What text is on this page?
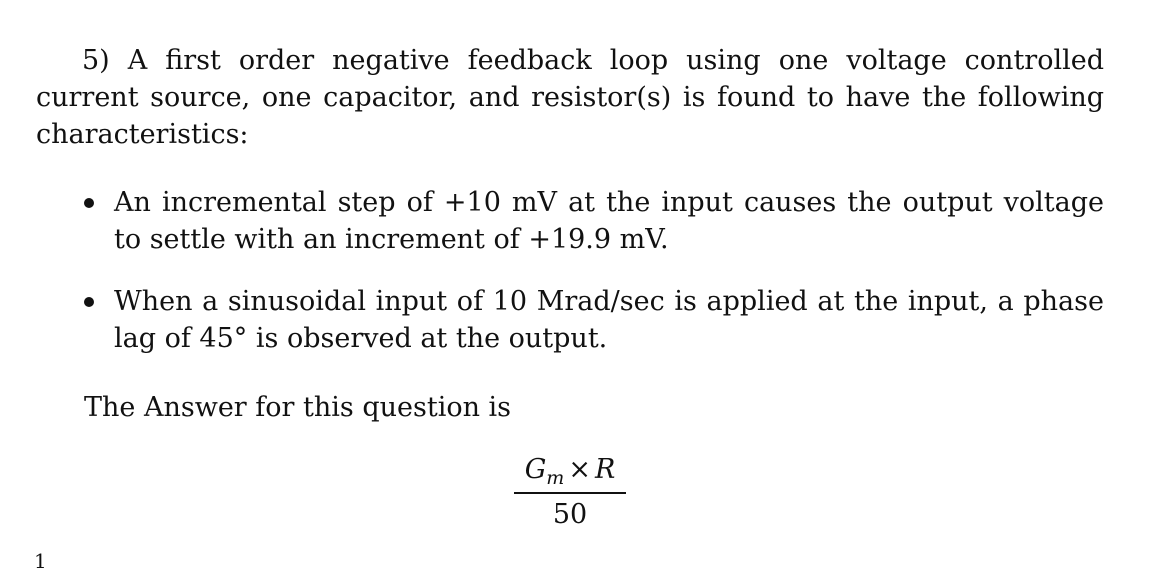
5) A first order negative feedback loop using one voltage controlled current source, one capacitor, and resistor(s) is found to have the following characteristics:

An incremental step of +10 mV at the input causes the output voltage to settle with an increment of +19.9 mV.
When a sinusoidal input of 10 Mrad/sec is applied at the input, a phase lag of 45° is observed at the output.

The Answer for this question is

$G_m \times R$
50
1
